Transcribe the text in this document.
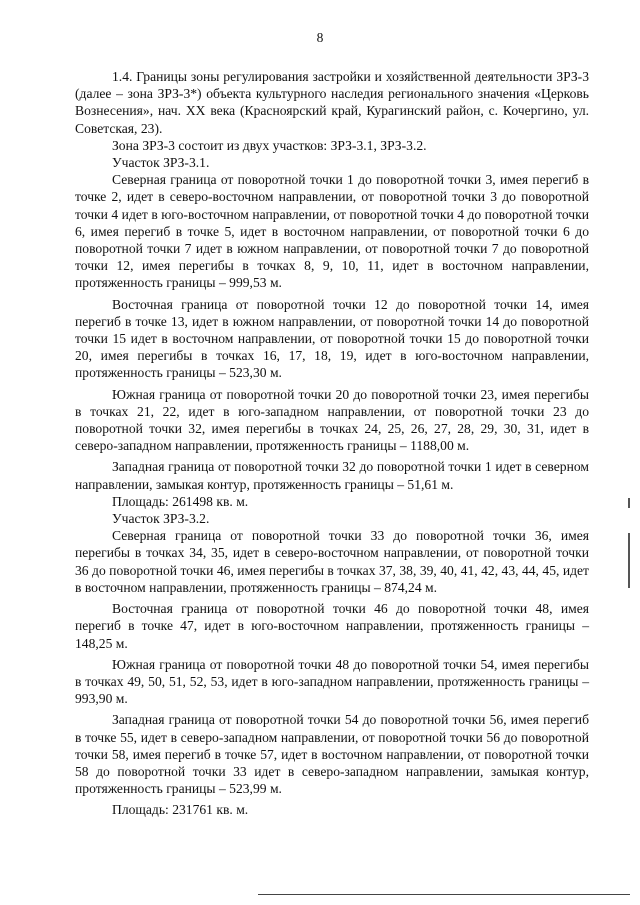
8

1.4. Границы зоны регулирования застройки и хозяйственной деятельности ЗРЗ-3 (далее – зона ЗРЗ-3*) объекта культурного наследия регионального значения «Церковь Вознесения», нач. XX века (Красноярский край, Курагинский район, с. Кочергино, ул. Советская, 23).

Зона ЗРЗ-3 состоит из двух участков: ЗРЗ-3.1, ЗРЗ-3.2.

Участок ЗРЗ-3.1.

Северная граница от поворотной точки 1 до поворотной точки 3, имея перегиб в точке 2, идет в северо-восточном направлении, от поворотной точки 3 до поворотной точки 4 идет в юго-восточном направлении, от поворотной точки 4 до поворотной точки 6, имея перегиб в точке 5, идет в восточном направлении, от поворотной точки 6 до поворотной точки 7 идет в южном направлении, от поворотной точки 7 до поворотной точки 12, имея перегибы в точках 8, 9, 10, 11, идет в восточном направлении, протяженность границы – 999,53 м.

Восточная граница от поворотной точки 12 до поворотной точки 14, имея перегиб в точке 13, идет в южном направлении, от поворотной точки 14 до поворотной точки 15 идет в восточном направлении, от поворотной точки 15 до поворотной точки 20, имея перегибы в точках 16, 17, 18, 19, идет в юго-восточном направлении, протяженность границы – 523,30 м.

Южная граница от поворотной точки 20 до поворотной точки 23, имея перегибы в точках 21, 22, идет в юго-западном направлении, от поворотной точки 23 до поворотной точки 32, имея перегибы в точках 24, 25, 26, 27, 28, 29, 30, 31, идет в северо-западном направлении, протяженность границы – 1188,00 м.

Западная граница от поворотной точки 32 до поворотной точки 1 идет в северном направлении, замыкая контур, протяженность границы – 51,61 м.

Площадь: 261498 кв. м.

Участок ЗРЗ-3.2.

Северная граница от поворотной точки 33 до поворотной точки 36, имея перегибы в точках 34, 35, идет в северо-восточном направлении, от поворотной точки 36 до поворотной точки 46, имея перегибы в точках 37, 38, 39, 40, 41, 42, 43, 44, 45, идет в восточном направлении, протяженность границы – 874,24 м.

Восточная граница от поворотной точки 46 до поворотной точки 48, имея перегиб в точке 47, идет в юго-восточном направлении, протяженность границы – 148,25 м.

Южная граница от поворотной точки 48 до поворотной точки 54, имея перегибы в точках 49, 50, 51, 52, 53, идет в юго-западном направлении, протяженность границы – 993,90 м.

Западная граница от поворотной точки 54 до поворотной точки 56, имея перегиб в точке 55, идет в северо-западном направлении, от поворотной точки 56 до поворотной точки 58, имея перегиб в точке 57, идет в восточном направлении, от поворотной точки 58 до поворотной точки 33 идет в северо-западном направлении, замыкая контур, протяженность границы – 523,99 м.

Площадь: 231761 кв. м.
